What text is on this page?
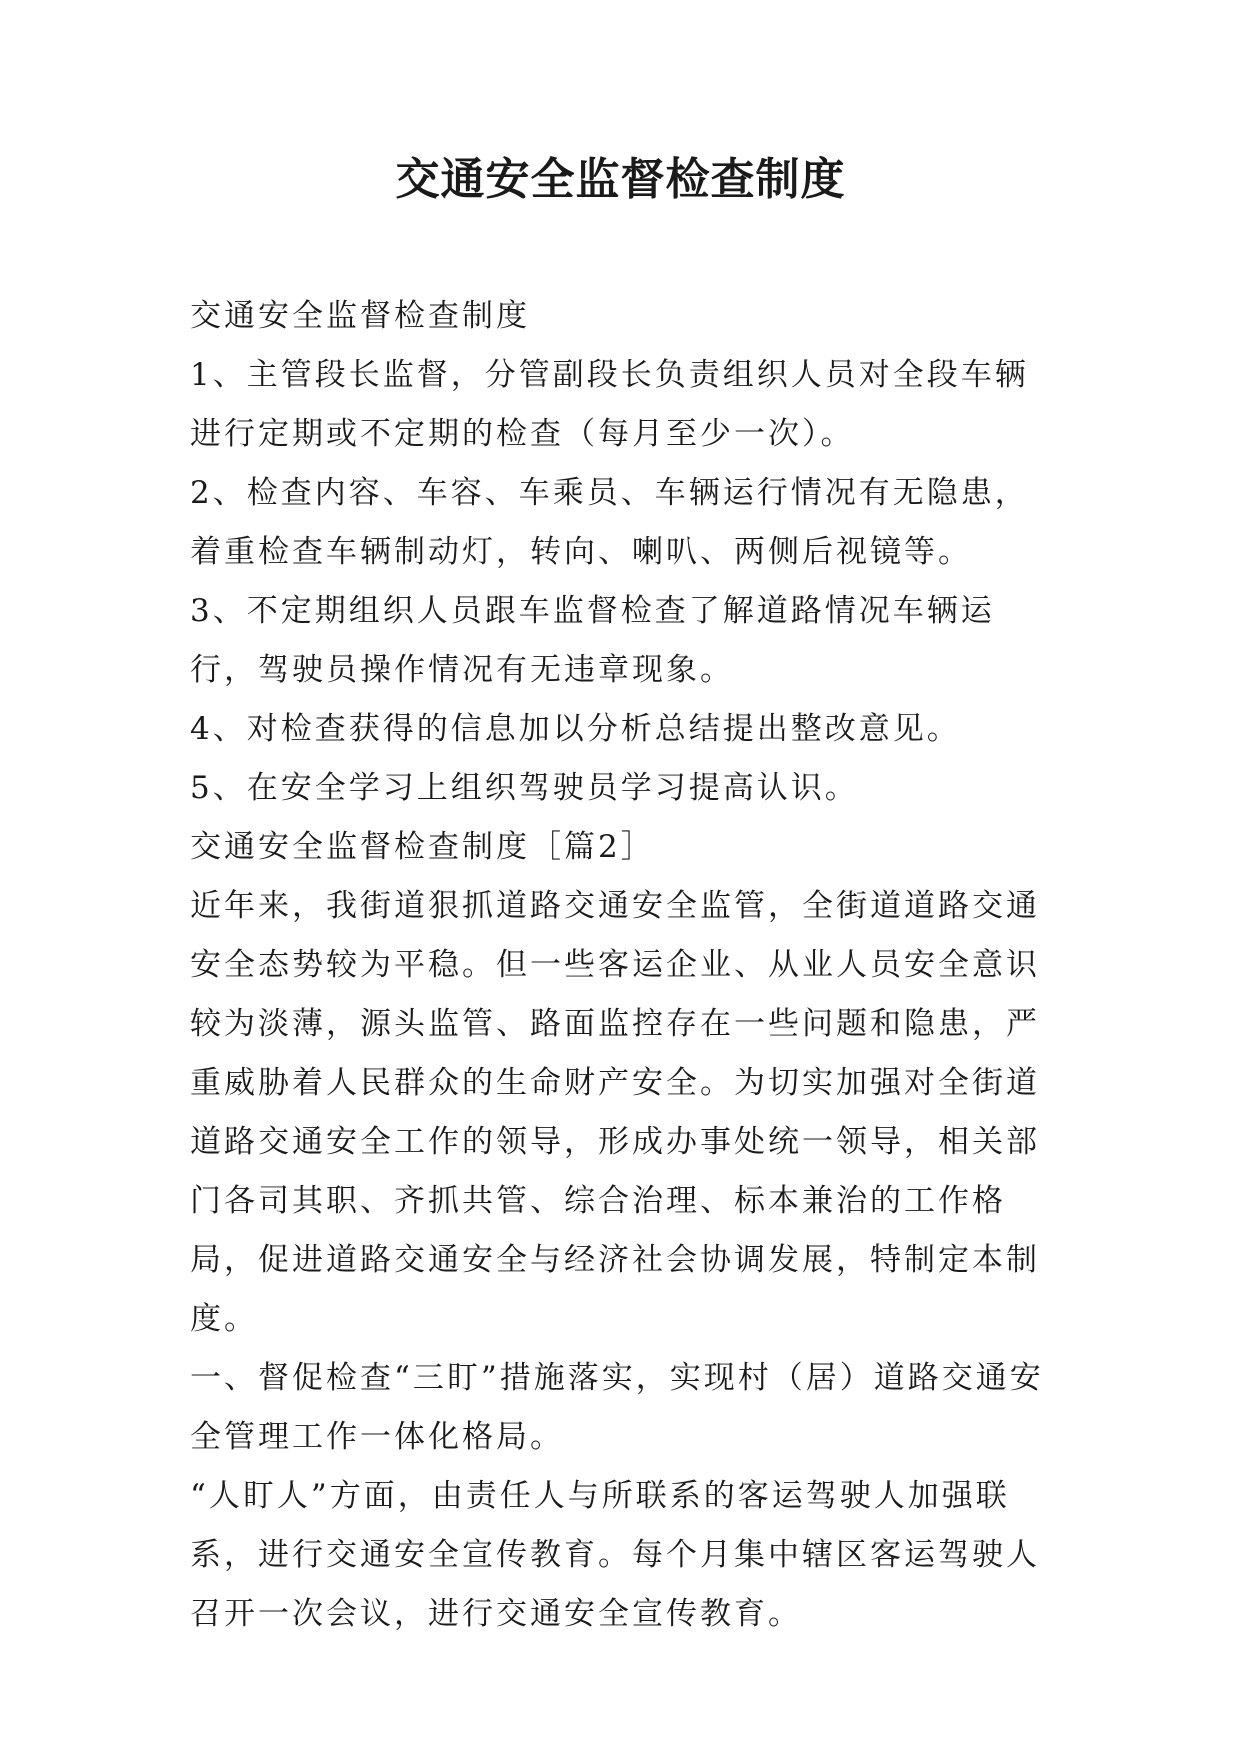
交通安全监督检查制度

交通安全监督检查制度

1、主管段长监督，分管副段长负责组织人员对全段车辆进行定期或不定期的检查（每月至少一次）。

2、检查内容、车容、车乘员、车辆运行情况有无隐患，着重检查车辆制动灯，转向、喇叭、两侧后视镜等。

3、不定期组织人员跟车监督检查了解道路情况车辆运行，驾驶员操作情况有无违章现象。

4、对检查获得的信息加以分析总结提出整改意见。

5、在安全学习上组织驾驶员学习提高认识。

交通安全监督检查制度［篇2］

近年来，我街道狠抓道路交通安全监管，全街道道路交通安全态势较为平稳。但一些客运企业、从业人员安全意识较为淡薄，源头监管、路面监控存在一些问题和隐患，严重威胁着人民群众的生命财产安全。为切实加强对全街道道路交通安全工作的领导，形成办事处统一领导，相关部门各司其职、齐抓共管、综合治理、标本兼治的工作格局，促进道路交通安全与经济社会协调发展，特制定本制度。

一、督促检查“三盯”措施落实，实现村（居）道路交通安全管理工作一体化格局。

“人盯人”方面，由责任人与所联系的客运驾驶人加强联系，进行交通安全宣传教育。每个月集中辖区客运驾驶人召开一次会议，进行交通安全宣传教育。
